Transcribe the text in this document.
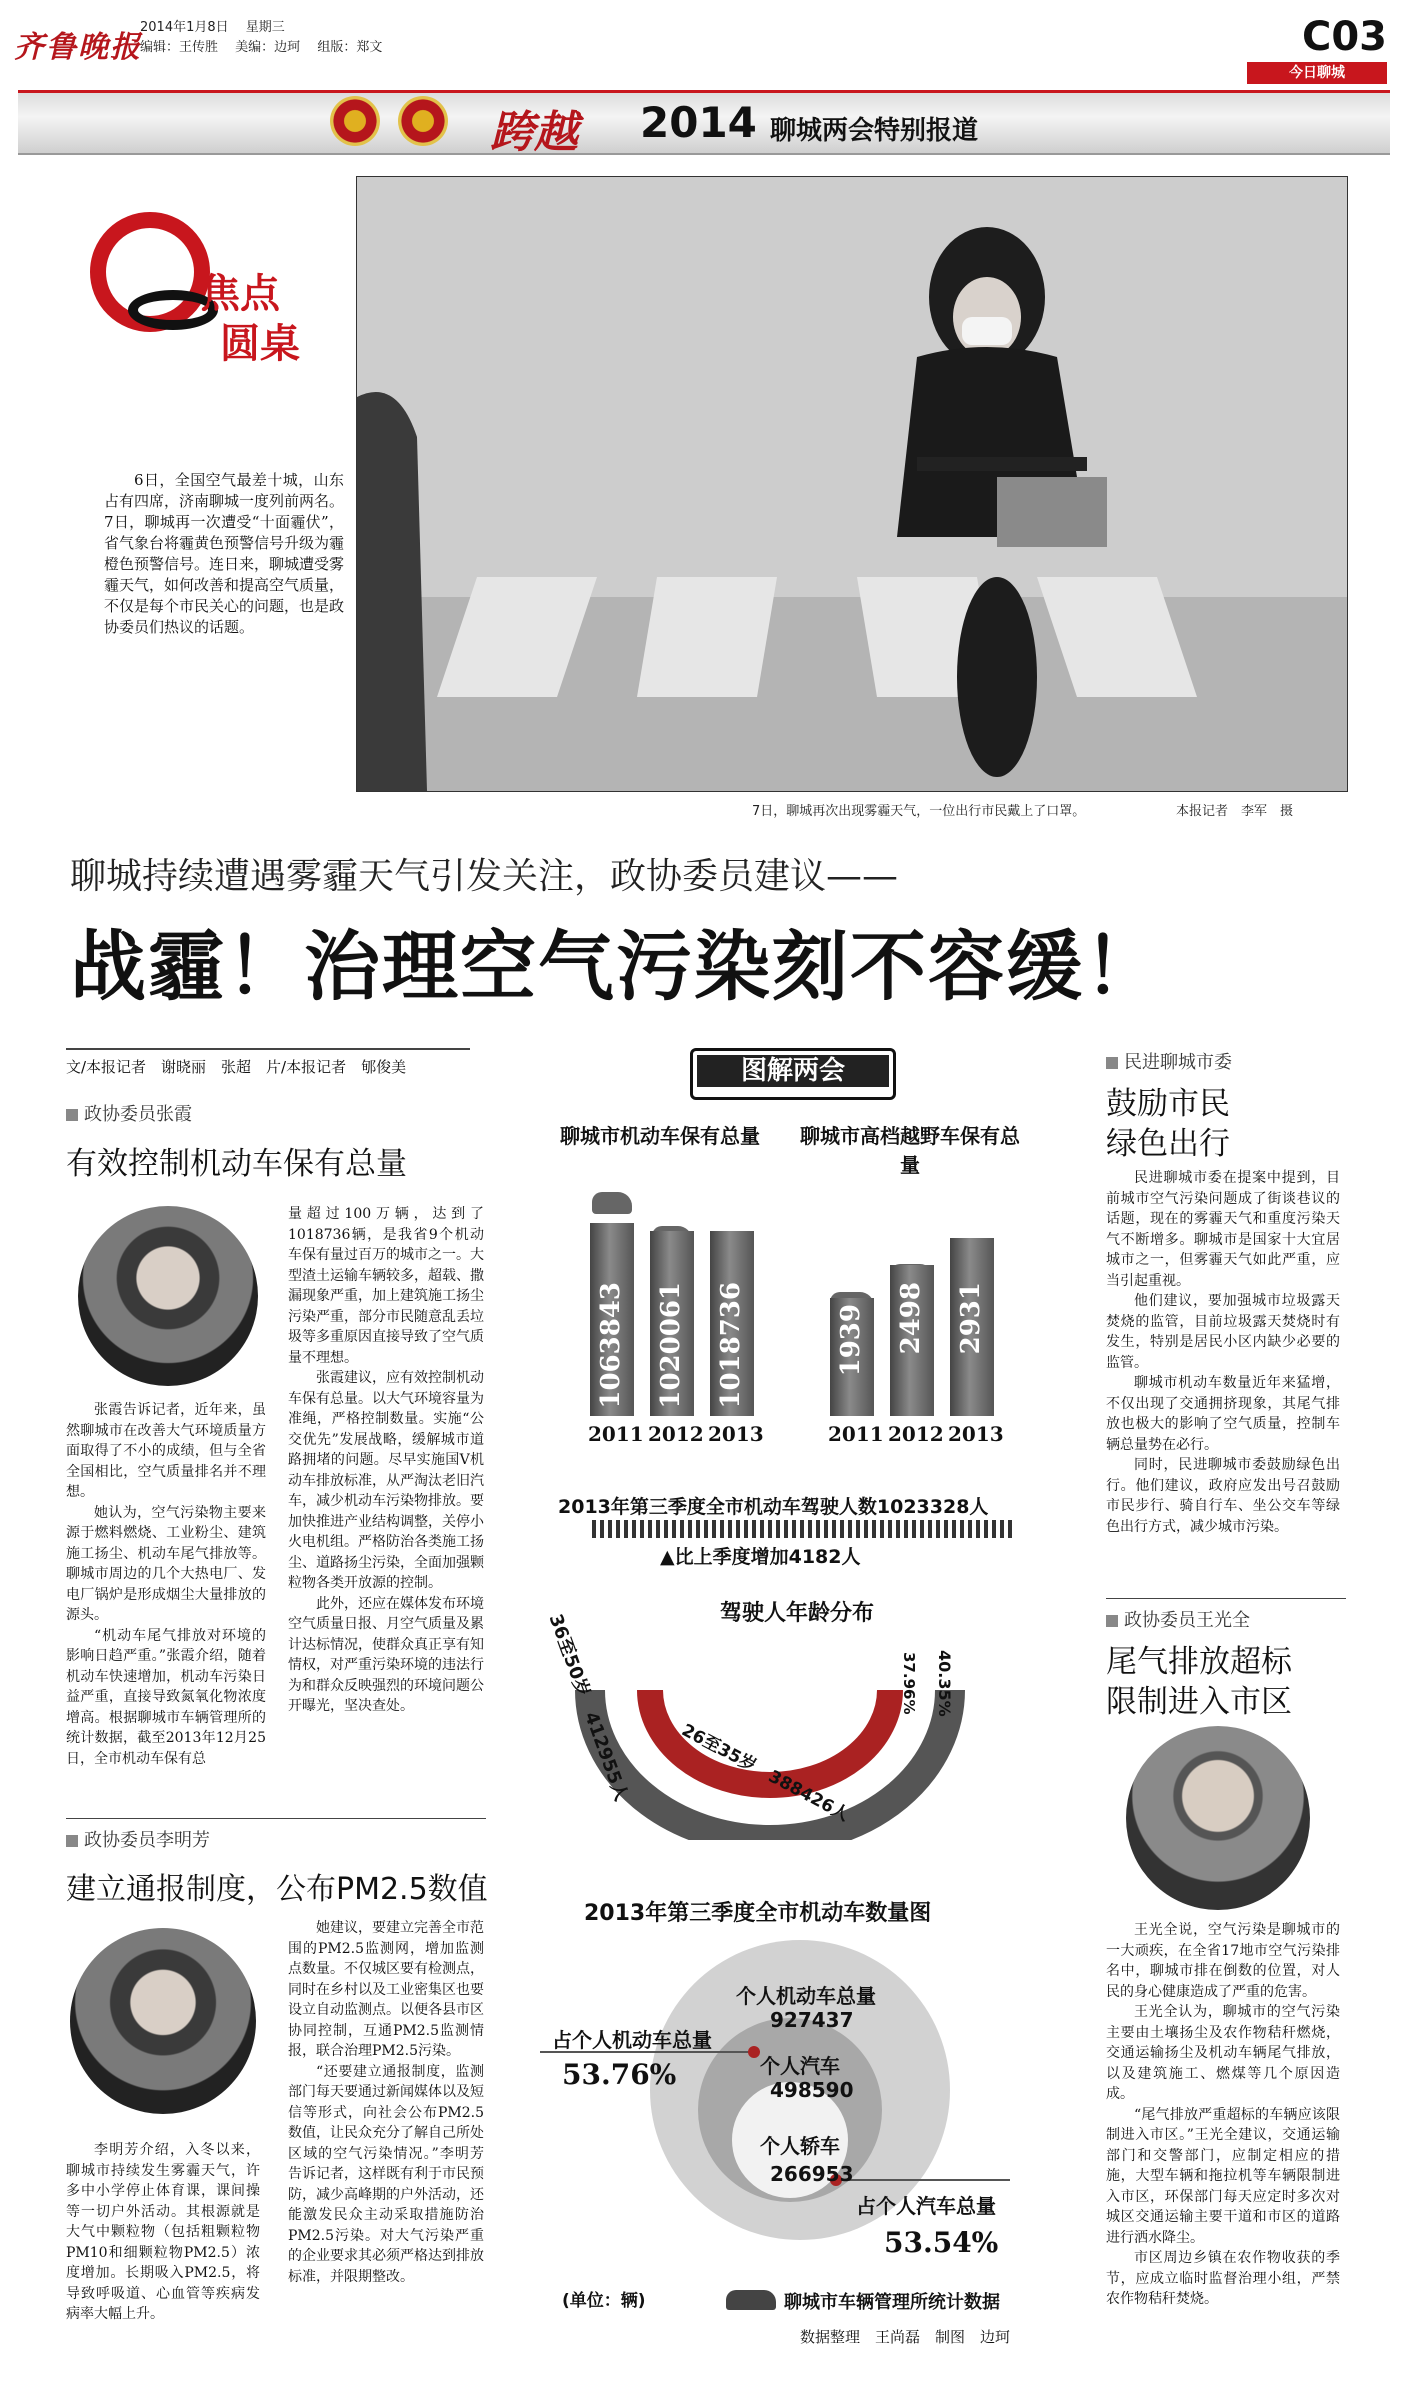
齐鲁晚报
2014年1月8日　 星期三
编辑：王传胜　 美编：边珂　 组版：郑文	C03
今日聊城
跨越 2014 聊城两会特别报道
7日，聊城再次出现雾霾天气，一位出行市民戴上了口罩。	本报记者　李军　摄
焦点
圆桌
6日，全国空气最差十城，山东占有四席，济南聊城一度列前两名。7日，聊城再一次遭受“十面霾伏”，省气象台将霾黄色预警信号升级为霾橙色预警信号。连日来，聊城遭受雾霾天气，如何改善和提高空气质量，不仅是每个市民关心的问题，也是政协委员们热议的话题。
聊城持续遭遇雾霾天气引发关注，政协委员建议——
战霾！治理空气污染刻不容缓！
文/本报记者　谢晓丽　张超　片/本报记者　郇俊美
政协委员张霞
有效控制机动车保有总量

张霞告诉记者，近年来，虽然聊城市在改善大气环境质量方面取得了不小的成绩，但与全省全国相比，空气质量排名并不理想。

她认为，空气污染物主要来源于燃料燃烧、工业粉尘、建筑施工扬尘、机动车尾气排放等。聊城市周边的几个大热电厂、发电厂锅炉是形成烟尘大量排放的源头。

“机动车尾气排放对环境的影响日趋严重。”张霞介绍，随着机动车快速增加，机动车污染日益严重，直接导致氮氧化物浓度增高。根据聊城市车辆管理所的统计数据，截至2013年12月25日，全市机动车保有总

量超过100万辆，达到了1018736辆，是我省9个机动车保有量过百万的城市之一。大型渣土运输车辆较多，超载、撒漏现象严重，加上建筑施工扬尘污染严重，部分市民随意乱丢垃圾等多重原因直接导致了空气质量不理想。

张霞建议，应有效控制机动车保有总量。以大气环境容量为准绳，严格控制数量。实施“公交优先”发展战略，缓解城市道路拥堵的问题。尽早实施国Ⅴ机动车排放标准，从严淘汰老旧汽车，减少机动车污染物排放。要加快推进产业结构调整，关停小火电机组。严格防治各类施工扬尘、道路扬尘污染，全面加强颗粒物各类开放源的控制。

此外，还应在媒体发布环境空气质量日报、月空气质量及累计达标情况，使群众真正享有知情权，对严重污染环境的违法行为和群众反映强烈的环境问题公开曝光，坚决查处。

政协委员李明芳
建立通报制度，公布PM2.5数值

李明芳介绍，入冬以来，聊城市持续发生雾霾天气，许多中小学停止体育课，课间操等一切户外活动。其根源就是大气中颗粒物（包括粗颗粒物PM10和细颗粒物PM2.5）浓度增加。长期吸入PM2.5，将导致呼吸道、心血管等疾病发病率大幅上升。

她建议，要建立完善全市范围的PM2.5监测网，增加监测点数量。不仅城区要有检测点，同时在乡村以及工业密集区也要设立自动监测点。以便各县市区协同控制，互通PM2.5监测情报，联合治理PM2.5污染。

“还要建立通报制度，监测部门每天要通过新闻媒体以及短信等形式，向社会公布PM2.5数值，让民众充分了解自己所处区域的空气污染情况。”李明芳告诉记者，这样既有利于市民预防，减少高峰期的户外活动，还能激发民众主动采取措施防治PM2.5污染。对大气污染严重的企业要求其必须严格达到排放标准，并限期整改。

图解两会
聊城市机动车保有总量
1063843
2011
1020061
2012
1018736
2013
聊城市高档越野车保有总量
1939
2011
2498
2012
2931
2013
2013年第三季度全市机动车驾驶人数1023328人
▲比上季度增加4182人
驾驶人年龄分布
36至50岁　412955人	26至35岁　388426人
40.35%
37.96%
2013年第三季度全市机动车数量图
个人机动车总量
927437
个人汽车
498590
个人轿车
266953
占个人机动车总量
53.76%
占个人汽车总量
53.54%
(单位：辆)	聊城市车辆管理所统计数据
数据整理　王尚磊　制图　边珂
民进聊城市委
鼓励市民
绿色出行

民进聊城市委在提案中提到，目前城市空气污染问题成了街谈巷议的话题，现在的雾霾天气和重度污染天气不断增多。聊城市是国家十大宜居城市之一，但雾霾天气如此严重，应当引起重视。

他们建议，要加强城市垃圾露天焚烧的监管，目前垃圾露天焚烧时有发生，特别是居民小区内缺少必要的监管。

聊城市机动车数量近年来猛增，不仅出现了交通拥挤现象，其尾气排放也极大的影响了空气质量，控制车辆总量势在必行。

同时，民进聊城市委鼓励绿色出行。他们建议，政府应发出号召鼓励市民步行、骑自行车、坐公交车等绿色出行方式，减少城市污染。

政协委员王光全
尾气排放超标
限制进入市区

王光全说，空气污染是聊城市的一大顽疾，在全省17地市空气污染排名中，聊城市排在倒数的位置，对人民的身心健康造成了严重的危害。

王光全认为，聊城市的空气污染主要由土壤扬尘及农作物秸秆燃烧，交通运输扬尘及机动车辆尾气排放，以及建筑施工、燃煤等几个原因造成。

“尾气排放严重超标的车辆应该限制进入市区。”王光全建议，交通运输部门和交警部门，应制定相应的措施，大型车辆和拖拉机等车辆限制进入市区，环保部门每天应定时多次对城区交通运输主要干道和市区的道路进行洒水降尘。

市区周边乡镇在农作物收获的季节，应成立临时监督治理小组，严禁农作物秸秆焚烧。
